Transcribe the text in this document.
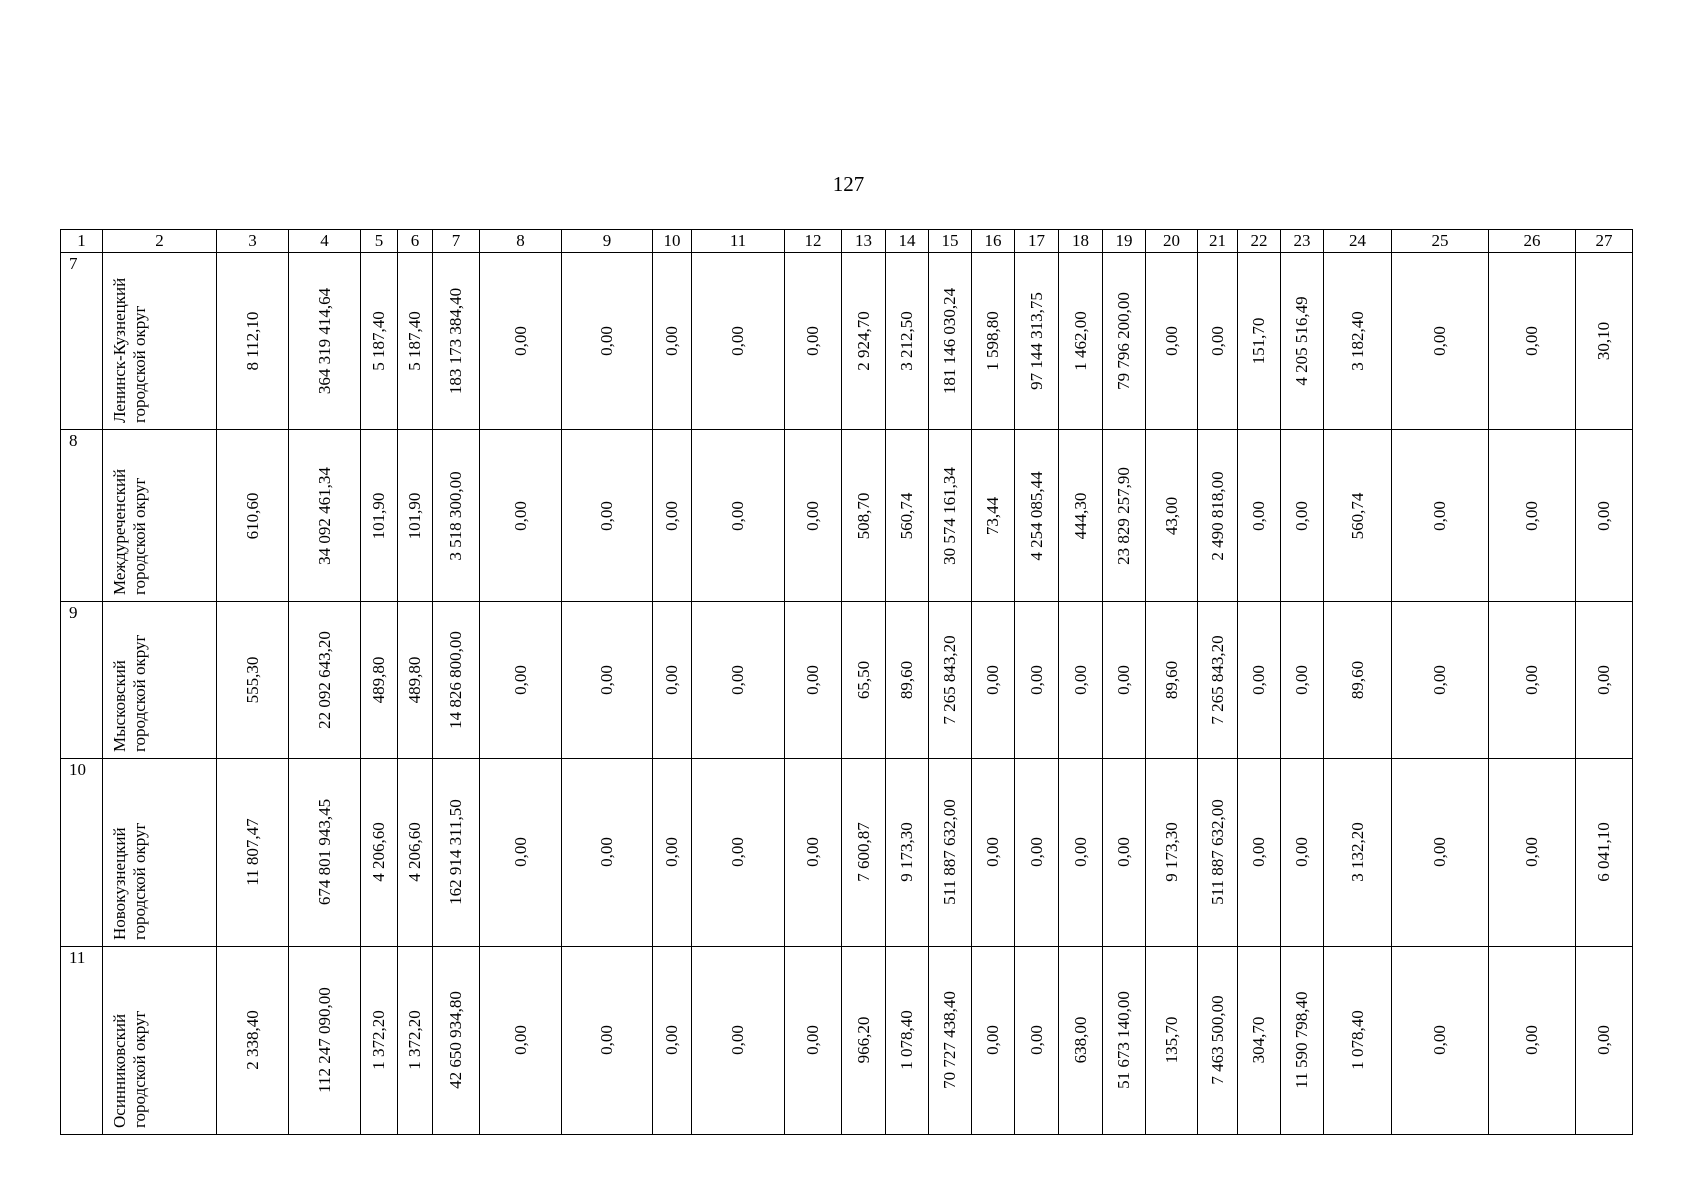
127
1	2	3	4	5	6	7	8	9	10	11	12	13	14	15	16	17	18	19	20	21	22	23	24	25	26	27
7	Ленинск-Кузнецкий городской округ	8 112,10	364 319 414,64	5 187,40	5 187,40	183 173 384,40	0,00	0,00	0,00	0,00	0,00	2 924,70	3 212,50	181 146 030,24	1 598,80	97 144 313,75	1 462,00	79 796 200,00	0,00	0,00	151,70	4 205 516,49	3 182,40	0,00	0,00	30,10

8	Междуреченский городской округ	610,60	34 092 461,34	101,90	101,90	3 518 300,00	0,00	0,00	0,00	0,00	0,00	508,70	560,74	30 574 161,34	73,44	4 254 085,44	444,30	23 829 257,90	43,00	2 490 818,00	0,00	0,00	560,74	0,00	0,00	0,00

9	Мысковский городской округ	555,30	22 092 643,20	489,80	489,80	14 826 800,00	0,00	0,00	0,00	0,00	0,00	65,50	89,60	7 265 843,20	0,00	0,00	0,00	0,00	89,60	7 265 843,20	0,00	0,00	89,60	0,00	0,00	0,00

10	Новокузнецкий городской округ	11 807,47	674 801 943,45	4 206,60	4 206,60	162 914 311,50	0,00	0,00	0,00	0,00	0,00	7 600,87	9 173,30	511 887 632,00	0,00	0,00	0,00	0,00	9 173,30	511 887 632,00	0,00	0,00	3 132,20	0,00	0,00	6 041,10

11	Осинниковский городской округ	2 338,40	112 247 090,00	1 372,20	1 372,20	42 650 934,80	0,00	0,00	0,00	0,00	0,00	966,20	1 078,40	70 727 438,40	0,00	0,00	638,00	51 673 140,00	135,70	7 463 500,00	304,70	11 590 798,40	1 078,40	0,00	0,00	0,00
